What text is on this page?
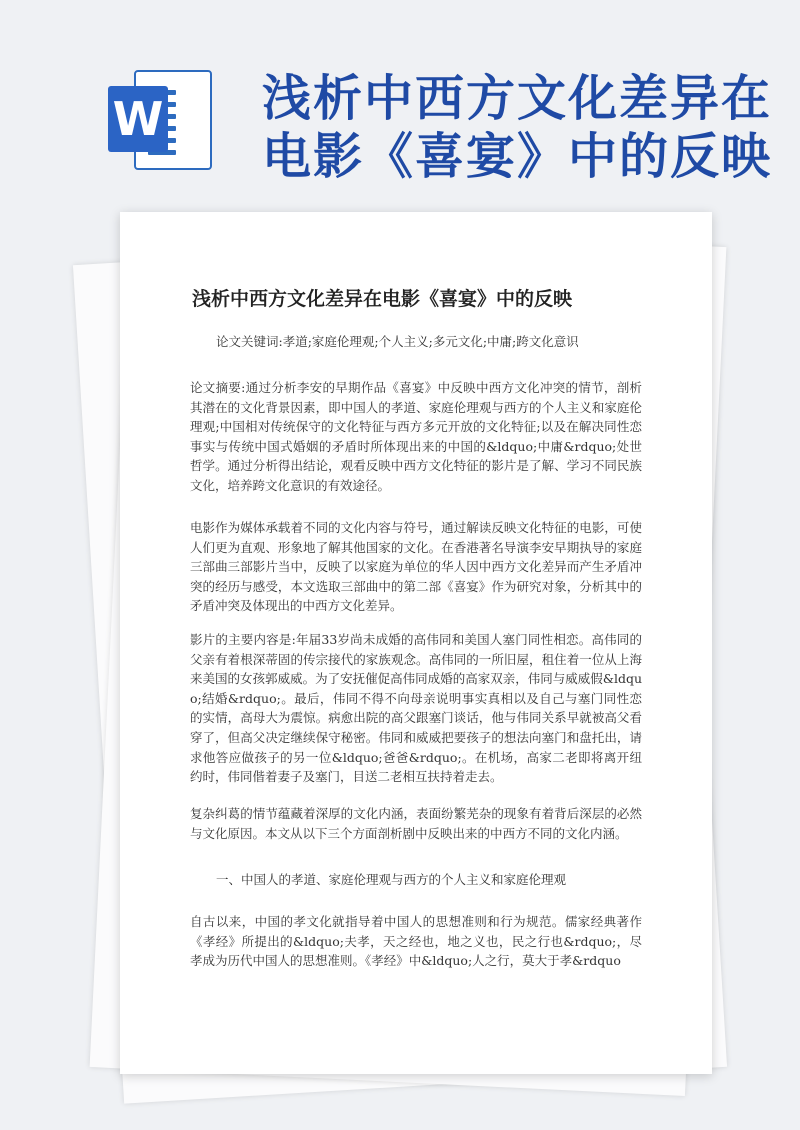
W 浅析中西方文化差异在
电影《喜宴》中的反映
浅析中西方文化差异在电影《喜宴》中的反映
论文关键词:孝道;家庭伦理观;个人主义;多元文化;中庸;跨文化意识
论文摘要:通过分析李安的早期作品《喜宴》中反映中西方文化冲突的情节，剖析其潜在的文化背景因素，即中国人的孝道、家庭伦理观与西方的个人主义和家庭伦理观;中国相对传统保守的文化特征与西方多元开放的文化特征;以及在解决同性恋事实与传统中国式婚姻的矛盾时所体现出来的中国的&ldquo;中庸&rdquo;处世哲学。通过分析得出结论，观看反映中西方文化特征的影片是了解、学习不同民族文化，培养跨文化意识的有效途径。
电影作为媒体承载着不同的文化内容与符号，通过解读反映文化特征的电影，可使人们更为直观、形象地了解其他国家的文化。在香港著名导演李安早期执导的家庭三部曲三部影片当中，反映了以家庭为单位的华人因中西方文化差异而产生矛盾冲突的经历与感受，本文选取三部曲中的第二部《喜宴》作为研究对象，分析其中的矛盾冲突及体现出的中西方文化差异。
影片的主要内容是:年届33岁尚未成婚的高伟同和美国人塞门同性相恋。高伟同的父亲有着根深蒂固的传宗接代的家族观念。高伟同的一所旧屋，租住着一位从上海来美国的女孩郭威威。为了安抚催促高伟同成婚的高家双亲，伟同与威威假&ldquo;结婚&rdquo;。最后，伟同不得不向母亲说明事实真相以及自己与塞门同性恋的实情，高母大为震惊。病愈出院的高父跟塞门谈话，他与伟同关系早就被高父看穿了，但高父决定继续保守秘密。伟同和威威把要孩子的想法向塞门和盘托出，请求他答应做孩子的另一位&ldquo;爸爸&rdquo;。在机场，高家二老即将离开纽约时，伟同偕着妻子及塞门，目送二老相互扶持着走去。
复杂纠葛的情节蕴藏着深厚的文化内涵，表面纷繁芜杂的现象有着背后深层的必然与文化原因。本文从以下三个方面剖析剧中反映出来的中西方不同的文化内涵。
一、中国人的孝道、家庭伦理观与西方的个人主义和家庭伦理观
自古以来，中国的孝文化就指导着中国人的思想准则和行为规范。儒家经典著作《孝经》所提出的&ldquo;夫孝，天之经也，地之义也，民之行也&rdquo;，尽孝成为历代中国人的思想准则。《孝经》中&ldquo;人之行，莫大于孝&rdquo
